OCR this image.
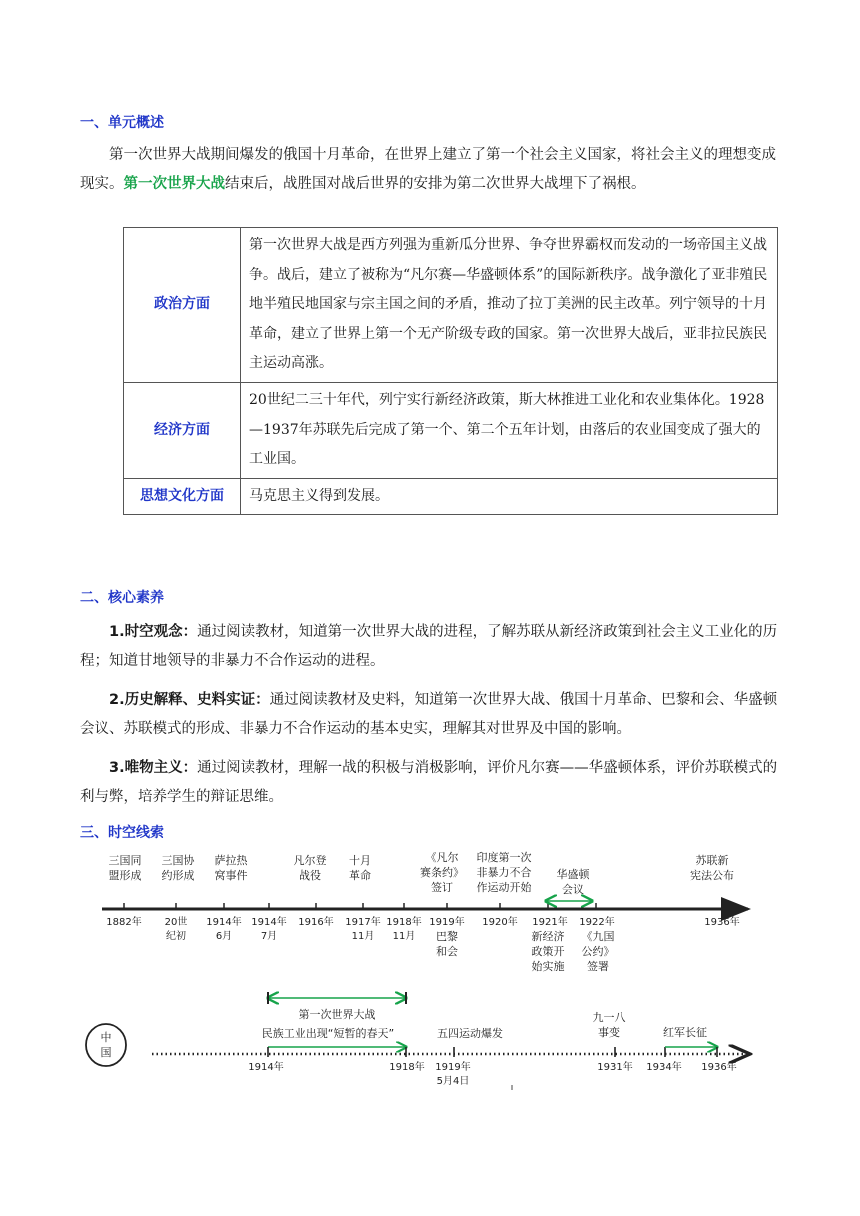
一、单元概述

第一次世界大战期间爆发的俄国十月革命，在世界上建立了第一个社会主义国家，将社会主义的理想变成现实。第一次世界大战结束后，战胜国对战后世界的安排为第二次世界大战埋下了祸根。

政治方面	第一次世界大战是西方列强为重新瓜分世界、争夺世界霸权而发动的一场帝国主义战争。战后，建立了被称为“凡尔赛—华盛顿体系”的国际新秩序。战争激化了亚非殖民地半殖民地国家与宗主国之间的矛盾，推动了拉丁美洲的民主改革。列宁领导的十月革命，建立了世界上第一个无产阶级专政的国家。第一次世界大战后，亚非拉民族民主运动高涨。
经济方面	20世纪二三十年代，列宁实行新经济政策，斯大林推进工业化和农业集体化。1928—1937年苏联先后完成了第一个、第二个五年计划，由落后的农业国变成了强大的工业国。
思想文化方面	马克思主义得到发展。
二、核心素养

1.时空观念：通过阅读教材，知道第一次世界大战的进程，了解苏联从新经济政策到社会主义工业化的历程；知道甘地领导的非暴力不合作运动的进程。

2.历史解释、史料实证：通过阅读教材及史料，知道第一次世界大战、俄国十月革命、巴黎和会、华盛顿会议、苏联模式的形成、非暴力不合作运动的基本史实，理解其对世界及中国的影响。

3.唯物主义：通过阅读教材，理解一战的积极与消极影响，评价凡尔赛——华盛顿体系，评价苏联模式的利与弊，培养学生的辩证思维。

三、时空线索
三国同
盟形成
1882年
三国协
约形成
20世
纪初
萨拉热
窝事件
1914年
6月
1914年
7月
凡尔登
战役
1916年
十月
革命
1917年
11月
1918年
11月
《凡尔
赛条约》
签订
1919年
巴黎
和会
印度第一次
非暴力不合
作运动开始
1920年 1921年
新经济
政策开
始实施
1922年
《九国
公约》
签署
华盛顿
会议
苏联新
宪法公布
1936年
第一次世界大战
中
国
民族工业出现“短暂的春天”	五四运动爆发
九一八
事变	红军长征
1914年	1918年 1919年
5月4日
1931年 1934年 1936年
